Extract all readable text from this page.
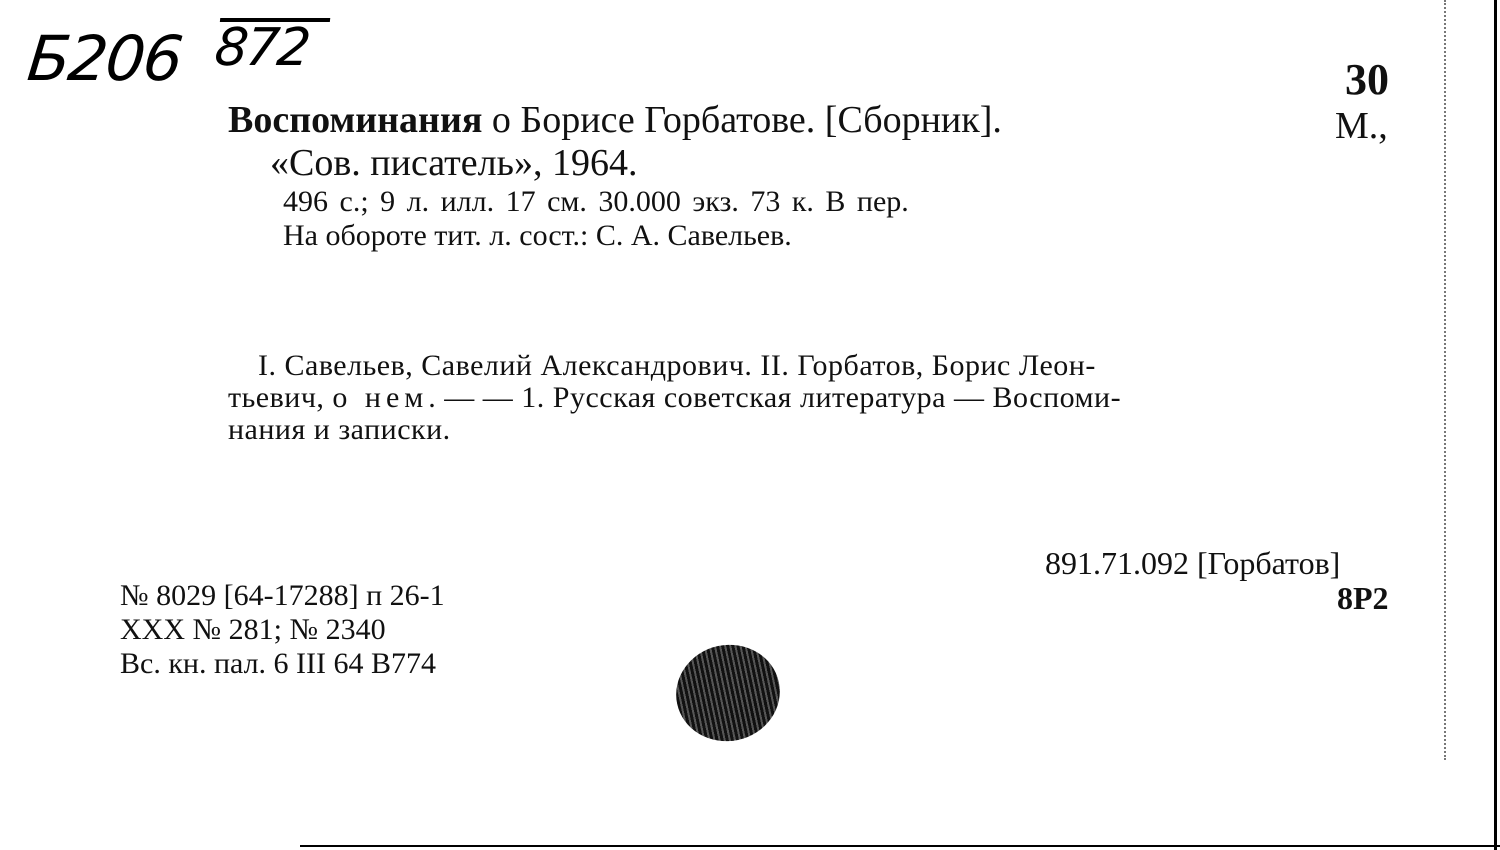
Б206 872
30
М.,
Воспоминания о Борисе Горбатове. [Сборник].
«Сов. писатель», 1964.
496 с.; 9 л. илл. 17 см. 30.000 экз. 73 к. В пер.
На обороте тит. л. сост.: С. А. Савельев.
I. Савельев, Савелий Александрович. II. Горбатов, Борис Леон-
тьевич, о нем. — — 1. Русская советская литература — Воспоми-
нания и записки.
891.71.092 [Горбатов]
8Р2
№ 8029 [64-17288] п 26-1
XXX № 281; № 2340
Вс. кн. пал. 6 III 64 В774
